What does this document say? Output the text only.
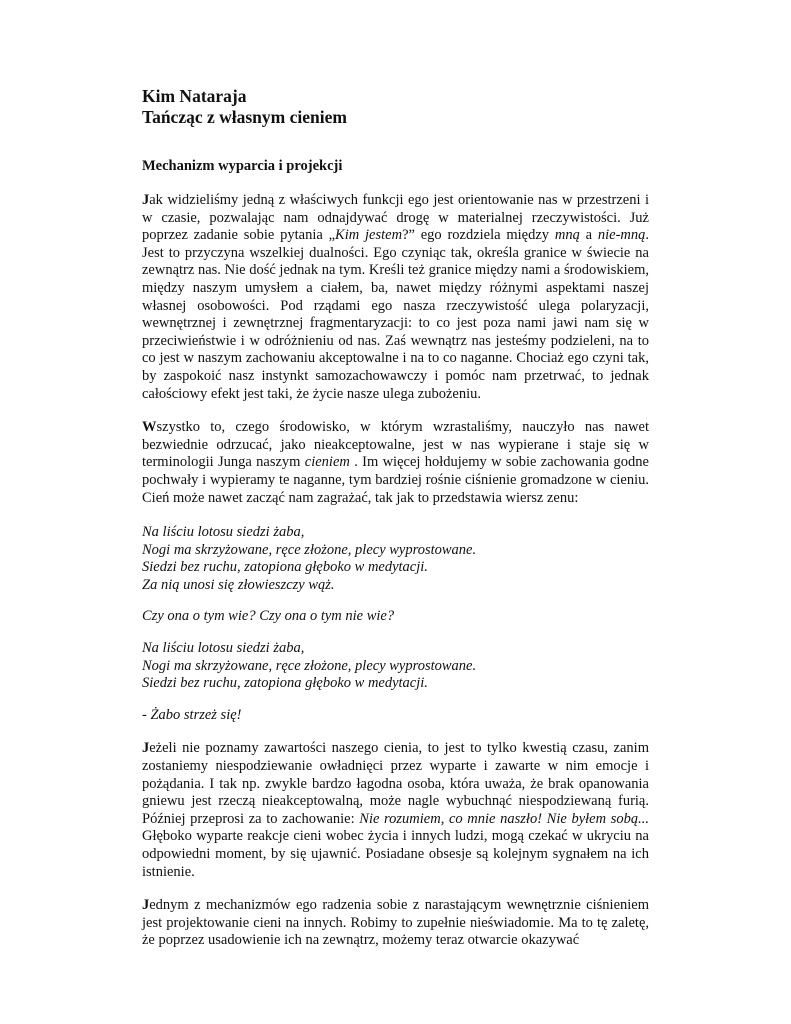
Kim Nataraja
Tańcząc z własnym cieniem
Mechanizm wyparcia i projekcji

Jak widzieliśmy jedną z właściwych funkcji ego jest orientowanie nas w przestrzeni i w czasie, pozwalając nam odnajdywać drogę w materialnej rzeczywistości. Już poprzez zadanie sobie pytania „Kim jestem?” ego rozdziela między mną a nie-mną. Jest to przyczyna wszelkiej dualności. Ego czyniąc tak, określa granice w świecie na zewnątrz nas. Nie dość jednak na tym. Kreśli też granice między nami a środowiskiem, między naszym umysłem a ciałem, ba, nawet między różnymi aspektami naszej własnej osobowości. Pod rządami ego nasza rzeczywistość ulega polaryzacji, wewnętrznej i zewnętrznej fragmentaryzacji: to co jest poza nami jawi nam się w przeciwieństwie i w odróżnieniu od nas. Zaś wewnątrz nas jesteśmy podzieleni, na to co jest w naszym zachowaniu akceptowalne i na to co naganne. Chociaż ego czyni tak, by zaspokoić nasz instynkt samozachowawczy i pomóc nam przetrwać, to jednak całościowy efekt jest taki, że życie nasze ulega zubożeniu.

Wszystko to, czego środowisko, w którym wzrastaliśmy, nauczyło nas nawet bezwiednie odrzucać, jako nieakceptowalne, jest w nas wypierane i staje się w terminologii Junga naszym cieniem . Im więcej hołdujemy w sobie zachowania godne pochwały i wypieramy te naganne, tym bardziej rośnie ciśnienie gromadzone w cieniu. Cień może nawet zacząć nam zagrażać, tak jak to przedstawia wiersz zenu:

Na liściu lotosu siedzi żaba,
Nogi ma skrzyżowane, ręce złożone, plecy wyprostowane.
Siedzi bez ruchu, zatopiona głęboko w medytacji.
Za nią unosi się złowieszczy wąż.
Czy ona o tym wie? Czy ona o tym nie wie?
Na liściu lotosu siedzi żaba,
Nogi ma skrzyżowane, ręce złożone, plecy wyprostowane.
Siedzi bez ruchu, zatopiona głęboko w medytacji.
- Żabo strzeż się!

Jeżeli nie poznamy zawartości naszego cienia, to jest to tylko kwestią czasu, zanim zostaniemy niespodziewanie owładnięci przez wyparte i zawarte w nim emocje i pożądania. I tak np. zwykle bardzo łagodna osoba, która uważa, że brak opanowania gniewu jest rzeczą nieakceptowalną, może nagle wybuchnąć niespodziewaną furią. Później przeprosi za to zachowanie: Nie rozumiem, co mnie naszło! Nie byłem sobą... Głęboko wyparte reakcje cieni wobec życia i innych ludzi, mogą czekać w ukryciu na odpowiedni moment, by się ujawnić. Posiadane obsesje są kolejnym sygnałem na ich istnienie.

Jednym z mechanizmów ego radzenia sobie z narastającym wewnętrznie ciśnieniem jest projektowanie cieni na innych. Robimy to zupełnie nieświadomie. Ma to tę zaletę, że poprzez usadowienie ich na zewnątrz, możemy teraz otwarcie okazywać
